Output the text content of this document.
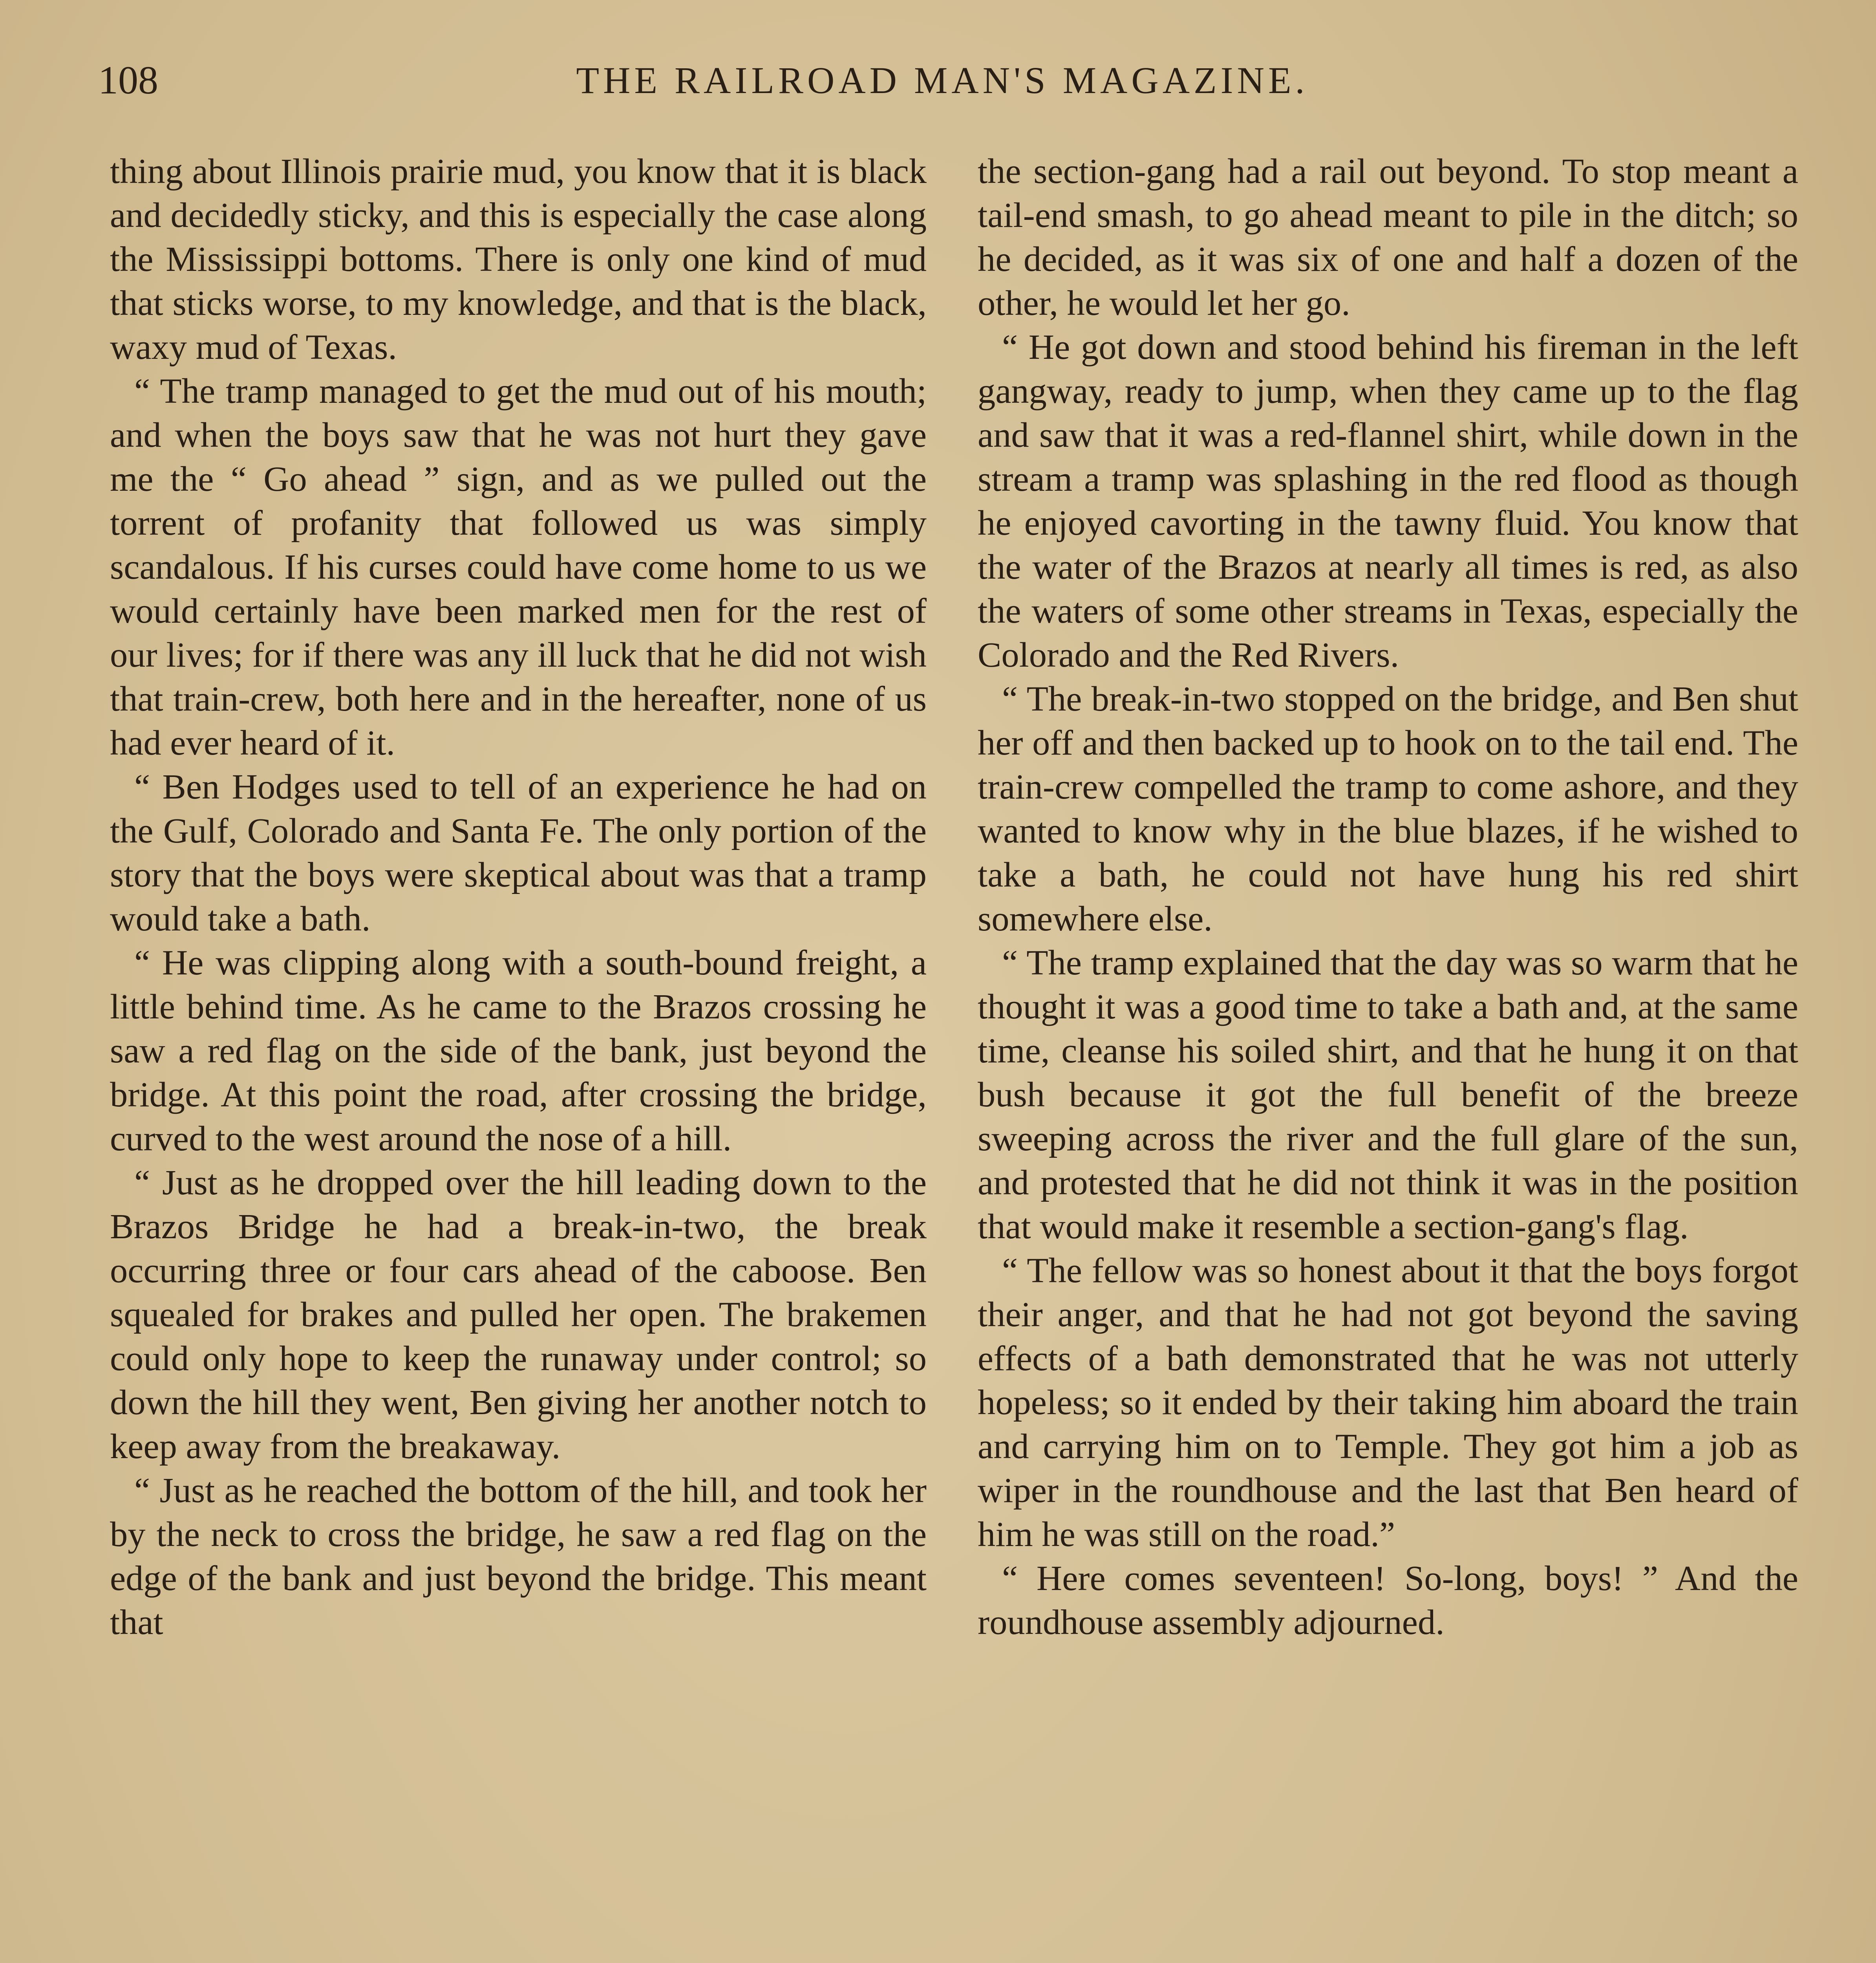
108	THE RAILROAD MAN'S MAGAZINE.

thing about Illinois prairie mud, you know that it is black and decidedly sticky, and this is especially the case along the Mississippi bottoms. There is only one kind of mud that sticks worse, to my knowledge, and that is the black, waxy mud of Texas.

“ The tramp managed to get the mud out of his mouth; and when the boys saw that he was not hurt they gave me the “ Go ahead ” sign, and as we pulled out the torrent of profanity that followed us was simply scandalous. If his curses could have come home to us we would certainly have been marked men for the rest of our lives; for if there was any ill luck that he did not wish that train-crew, both here and in the hereafter, none of us had ever heard of it.

“ Ben Hodges used to tell of an experience he had on the Gulf, Colorado and Santa Fe. The only portion of the story that the boys were skeptical about was that a tramp would take a bath.

“ He was clipping along with a south-bound freight, a little behind time. As he came to the Brazos crossing he saw a red flag on the side of the bank, just beyond the bridge. At this point the road, after crossing the bridge, curved to the west around the nose of a hill.

“ Just as he dropped over the hill leading down to the Brazos Bridge he had a break-in-two, the break occurring three or four cars ahead of the caboose. Ben squealed for brakes and pulled her open. The brakemen could only hope to keep the runaway under control; so down the hill they went, Ben giving her another notch to keep away from the breakaway.

“ Just as he reached the bottom of the hill, and took her by the neck to cross the bridge, he saw a red flag on the edge of the bank and just beyond the bridge. This meant that

the section-gang had a rail out beyond. To stop meant a tail-end smash, to go ahead meant to pile in the ditch; so he decided, as it was six of one and half a dozen of the other, he would let her go.

“ He got down and stood behind his fireman in the left gangway, ready to jump, when they came up to the flag and saw that it was a red-flannel shirt, while down in the stream a tramp was splashing in the red flood as though he enjoyed cavorting in the tawny fluid. You know that the water of the Brazos at nearly all times is red, as also the waters of some other streams in Texas, especially the Colorado and the Red Rivers.

“ The break-in-two stopped on the bridge, and Ben shut her off and then backed up to hook on to the tail end. The train-crew compelled the tramp to come ashore, and they wanted to know why in the blue blazes, if he wished to take a bath, he could not have hung his red shirt somewhere else.

“ The tramp explained that the day was so warm that he thought it was a good time to take a bath and, at the same time, cleanse his soiled shirt, and that he hung it on that bush because it got the full benefit of the breeze sweeping across the river and the full glare of the sun, and protested that he did not think it was in the position that would make it resemble a section-gang's flag.

“ The fellow was so honest about it that the boys forgot their anger, and that he had not got beyond the saving effects of a bath demonstrated that he was not utterly hopeless; so it ended by their taking him aboard the train and carrying him on to Temple. They got him a job as wiper in the roundhouse and the last that Ben heard of him he was still on the road.”

“ Here comes seventeen! So-long, boys! ” And the roundhouse assembly adjourned.
